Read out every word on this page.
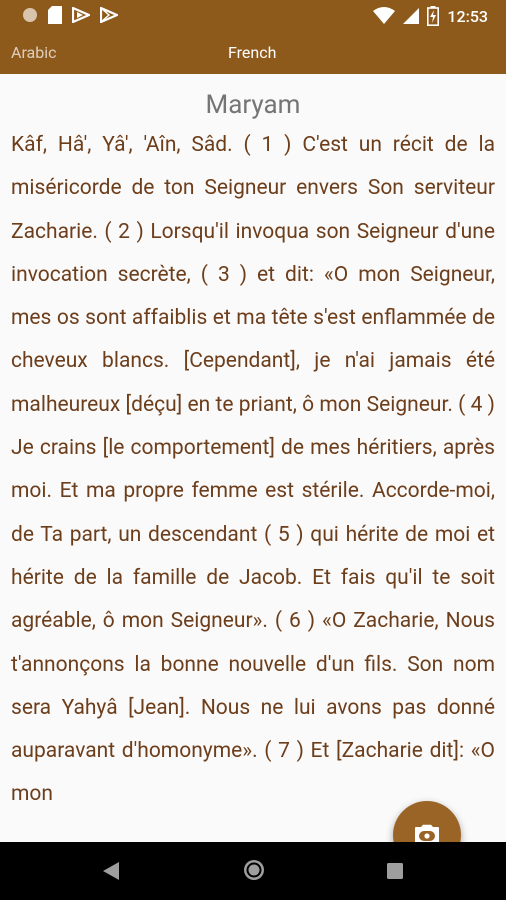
12:53
Arabic	French
Maryam
Kâf, Hâ', Yâ', 'Aîn, Sâd. ( 1 ) C'est un récit de la miséricorde de ton Seigneur envers Son serviteur Zacharie. ( 2 ) Lorsqu'il invoqua son Seigneur d'une invocation secrète, ( 3 ) et dit: «O mon Seigneur, mes os sont affaiblis et ma tête s'est enflammée de cheveux blancs. [Cependant], je n'ai jamais été malheureux [déçu] en te priant, ô mon Seigneur. ( 4 ) Je crains [le comportement] de mes héritiers, après moi. Et ma propre femme est stérile. Accorde-moi, de Ta part, un descendant ( 5 ) qui hérite de moi et hérite de la famille de Jacob. Et fais qu'il te soit agréable, ô mon Seigneur». ( 6 ) «O Zacharie, Nous t'annonçons la bonne nouvelle d'un fils. Son nom sera Yahyâ [Jean]. Nous ne lui avons pas donné auparavant d'homonyme». ( 7 ) Et [Zacharie dit]: «O mon
